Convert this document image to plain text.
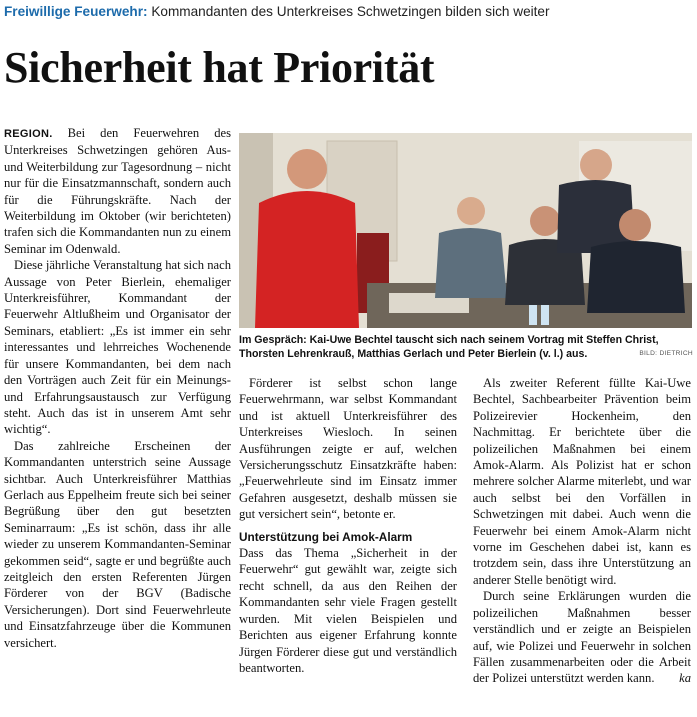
Freiwillige Feuerwehr: Kommandanten des Unterkreises Schwetzingen bilden sich weiter
Sicherheit hat Priorität

REGION. Bei den Feuerwehren des Unterkreises Schwetzingen gehören Aus- und Weiterbildung zur Tagesordnung – nicht nur für die Einsatzmannschaft, sondern auch für die Führungskräfte. Nach der Weiterbildung im Oktober (wir berichteten) trafen sich die Kommandanten nun zu einem Seminar im Odenwald.

Diese jährliche Veranstaltung hat sich nach Aussage von Peter Bierlein, ehemaliger Unterkreisführer, Kommandant der Feuerwehr Altlußheim und Organisator der Seminars, etabliert: „Es ist immer ein sehr interessantes und lehrreiches Wochenende für unsere Kommandanten, bei dem nach den Vorträgen auch Zeit für ein Meinungs- und Erfahrungsaustausch zur Verfügung steht. Auch das ist in unserem Amt sehr wichtig“.

Das zahlreiche Erscheinen der Kommandanten unterstrich seine Aussage sichtbar. Auch Unterkreisführer Matthias Gerlach aus Eppelheim freute sich bei seiner Begrüßung über den gut besetzten Seminarraum: „Es ist schön, dass ihr alle wieder zu unserem Kommandanten-Seminar gekommen seid“, sagte er und begrüßte auch zeitgleich den ersten Referenten Jürgen Förderer von der BGV (Badische Versicherungen). Dort sind Feuerwehrleute und Einsatzfahrzeuge über die Kommunen versichert.

Im Gespräch: Kai-Uwe Bechtel tauscht sich nach seinem Vortrag mit Steffen Christ, Thorsten Lehrenkrauß, Matthias Gerlach und Peter Bierlein (v. l.) aus.	BILD: DIETRICH

Förderer ist selbst schon lange Feuerwehrmann, war selbst Kommandant und ist aktuell Unterkreisführer des Unterkreises Wiesloch. In seinen Ausführungen zeigte er auf, welchen Versicherungsschutz Einsatzkräfte haben: „Feuerwehrleute sind im Einsatz immer Gefahren ausgesetzt, deshalb müssen sie gut versichert sein“, betonte er.

Unterstützung bei Amok-Alarm

Dass das Thema „Sicherheit in der Feuerwehr“ gut gewählt war, zeigte sich recht schnell, da aus den Reihen der Kommandanten sehr viele Fragen gestellt wurden. Mit vielen Beispielen und Berichten aus eigener Erfahrung konnte Jürgen Förderer diese gut und verständlich beantworten.

Als zweiter Referent füllte Kai-Uwe Bechtel, Sachbearbeiter Prävention beim Polizeirevier Hockenheim, den Nachmittag. Er berichtete über die polizeilichen Maßnahmen bei einem Amok-Alarm. Als Polizist hat er schon mehrere solcher Alarme miterlebt, und war auch selbst bei den Vorfällen in Schwetzingen mit dabei. Auch wenn die Feuerwehr bei einem Amok-Alarm nicht vorne im Geschehen dabei ist, kann es trotzdem sein, dass ihre Unterstützung an anderer Stelle benötigt wird.

Durch seine Erklärungen wurden die polizeilichen Maßnahmen besser verständlich und er zeigte an Beispielen auf, wie Polizei und Feuerwehr in solchen Fällen zusammenarbeiten oder die Arbeit der Polizei unterstützt werden kann.	ka
